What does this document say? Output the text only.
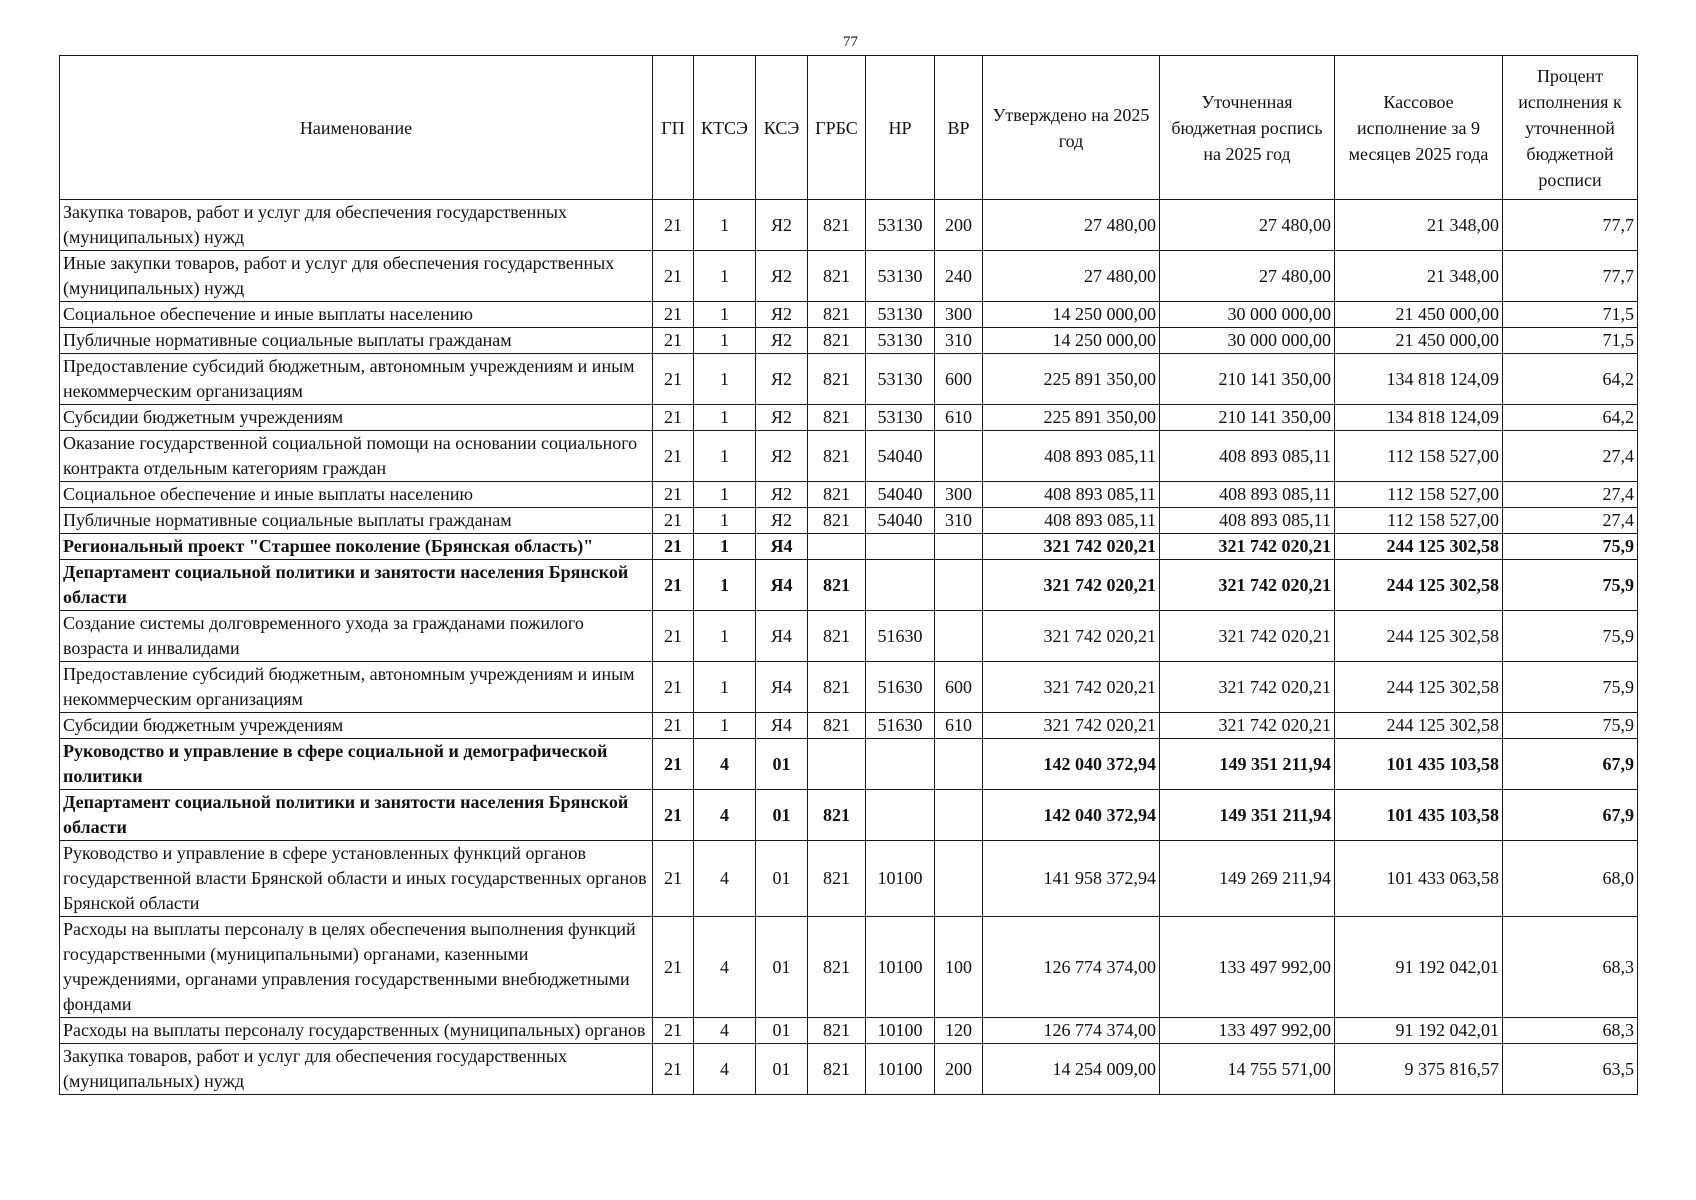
77
Наименование	ГП	КТСЭ	КСЭ	ГРБС	НР	ВР	Утверждено на 2025 год	Уточненная бюджетная роспись на 2025 год	Кассовое исполнение за 9 месяцев 2025 года	Процент исполнения к уточненной бюджетной росписи
Закупка товаров, работ и услуг для обеспечения государственных (муниципальных) нужд	21	1	Я2	821	53130	200	27 480,00	27 480,00	21 348,00	77,7
Иные закупки товаров, работ и услуг для обеспечения государственных (муниципальных) нужд	21	1	Я2	821	53130	240	27 480,00	27 480,00	21 348,00	77,7
Социальное обеспечение и иные выплаты населению	21	1	Я2	821	53130	300	14 250 000,00	30 000 000,00	21 450 000,00	71,5
Публичные нормативные социальные выплаты гражданам	21	1	Я2	821	53130	310	14 250 000,00	30 000 000,00	21 450 000,00	71,5
Предоставление субсидий бюджетным, автономным учреждениям и иным некоммерческим организациям	21	1	Я2	821	53130	600	225 891 350,00	210 141 350,00	134 818 124,09	64,2
Субсидии бюджетным учреждениям	21	1	Я2	821	53130	610	225 891 350,00	210 141 350,00	134 818 124,09	64,2
Оказание государственной социальной помощи на основании социального контракта отдельным категориям граждан	21	1	Я2	821	54040		408 893 085,11	408 893 085,11	112 158 527,00	27,4
Социальное обеспечение и иные выплаты населению	21	1	Я2	821	54040	300	408 893 085,11	408 893 085,11	112 158 527,00	27,4
Публичные нормативные социальные выплаты гражданам	21	1	Я2	821	54040	310	408 893 085,11	408 893 085,11	112 158 527,00	27,4
Региональный проект "Старшее поколение (Брянская область)"	21	1	Я4				321 742 020,21	321 742 020,21	244 125 302,58	75,9
Департамент социальной политики и занятости населения Брянской области	21	1	Я4	821			321 742 020,21	321 742 020,21	244 125 302,58	75,9
Создание системы долговременного ухода за гражданами пожилого возраста и инвалидами	21	1	Я4	821	51630		321 742 020,21	321 742 020,21	244 125 302,58	75,9
Предоставление субсидий бюджетным, автономным учреждениям и иным некоммерческим организациям	21	1	Я4	821	51630	600	321 742 020,21	321 742 020,21	244 125 302,58	75,9
Субсидии бюджетным учреждениям	21	1	Я4	821	51630	610	321 742 020,21	321 742 020,21	244 125 302,58	75,9
Руководство и управление в сфере социальной и демографической политики	21	4	01				142 040 372,94	149 351 211,94	101 435 103,58	67,9
Департамент социальной политики и занятости населения Брянской области	21	4	01	821			142 040 372,94	149 351 211,94	101 435 103,58	67,9
Руководство и управление в сфере установленных функций органов государственной власти Брянской области и иных государственных органов Брянской области	21	4	01	821	10100		141 958 372,94	149 269 211,94	101 433 063,58	68,0
Расходы на выплаты персоналу в целях обеспечения выполнения функций государственными (муниципальными) органами, казенными учреждениями, органами управления государственными внебюджетными фондами	21	4	01	821	10100	100	126 774 374,00	133 497 992,00	91 192 042,01	68,3
Расходы на выплаты персоналу государственных (муниципальных) органов	21	4	01	821	10100	120	126 774 374,00	133 497 992,00	91 192 042,01	68,3
Закупка товаров, работ и услуг для обеспечения государственных (муниципальных) нужд	21	4	01	821	10100	200	14 254 009,00	14 755 571,00	9 375 816,57	63,5
